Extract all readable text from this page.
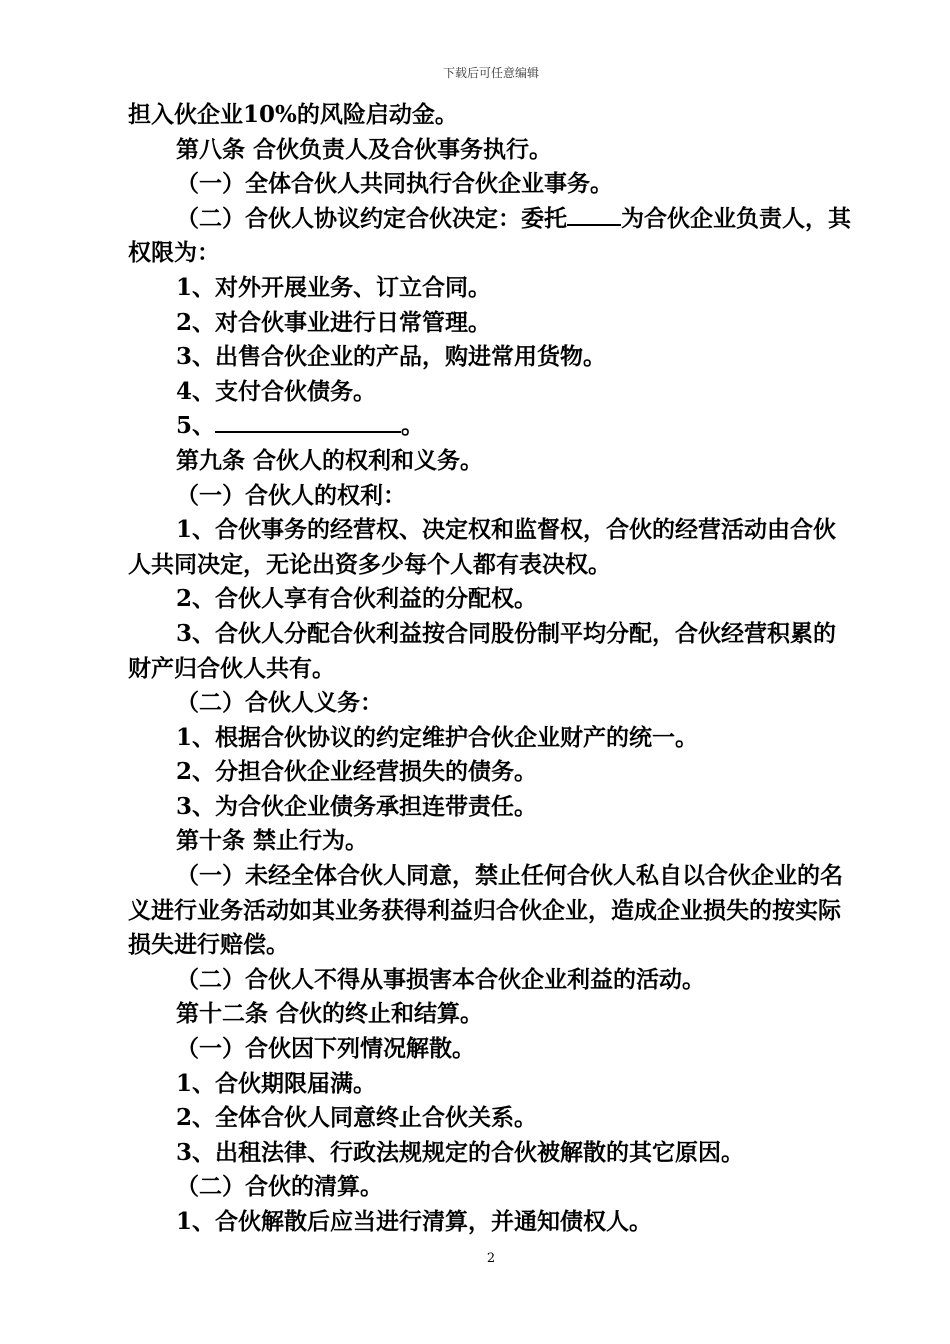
下载后可任意编辑

担入伙企业10%的风险启动金。

第八条 合伙负责人及合伙事务执行。

（一）全体合伙人共同执行合伙企业事务。

（二）合伙人协议约定合伙决定：委托 为合伙企业负责人，其权限为：

1、对外开展业务、订立合同。

2、对合伙事业进行日常管理。

3、出售合伙企业的产品，购进常用货物。

4、支付合伙债务。

5、	。

第九条 合伙人的权利和义务。

（一）合伙人的权利：

1、合伙事务的经营权、决定权和监督权，合伙的经营活动由合伙人共同决定，无论出资多少每个人都有表决权。

2、合伙人享有合伙利益的分配权。

3、合伙人分配合伙利益按合同股份制平均分配，合伙经营积累的财产归合伙人共有。

（二）合伙人义务：

1、根据合伙协议的约定维护合伙企业财产的统一。

2、分担合伙企业经营损失的债务。

3、为合伙企业债务承担连带责任。

第十条 禁止行为。

（一）未经全体合伙人同意，禁止任何合伙人私自以合伙企业的名义进行业务活动如其业务获得利益归合伙企业，造成企业损失的按实际损失进行赔偿。

（二）合伙人不得从事损害本合伙企业利益的活动。

第十二条 合伙的终止和结算。

（一）合伙因下列情况解散。

1、合伙期限届满。

2、全体合伙人同意终止合伙关系。

3、出租法律、行政法规规定的合伙被解散的其它原因。

（二）合伙的清算。

1、合伙解散后应当进行清算，并通知债权人。

2
